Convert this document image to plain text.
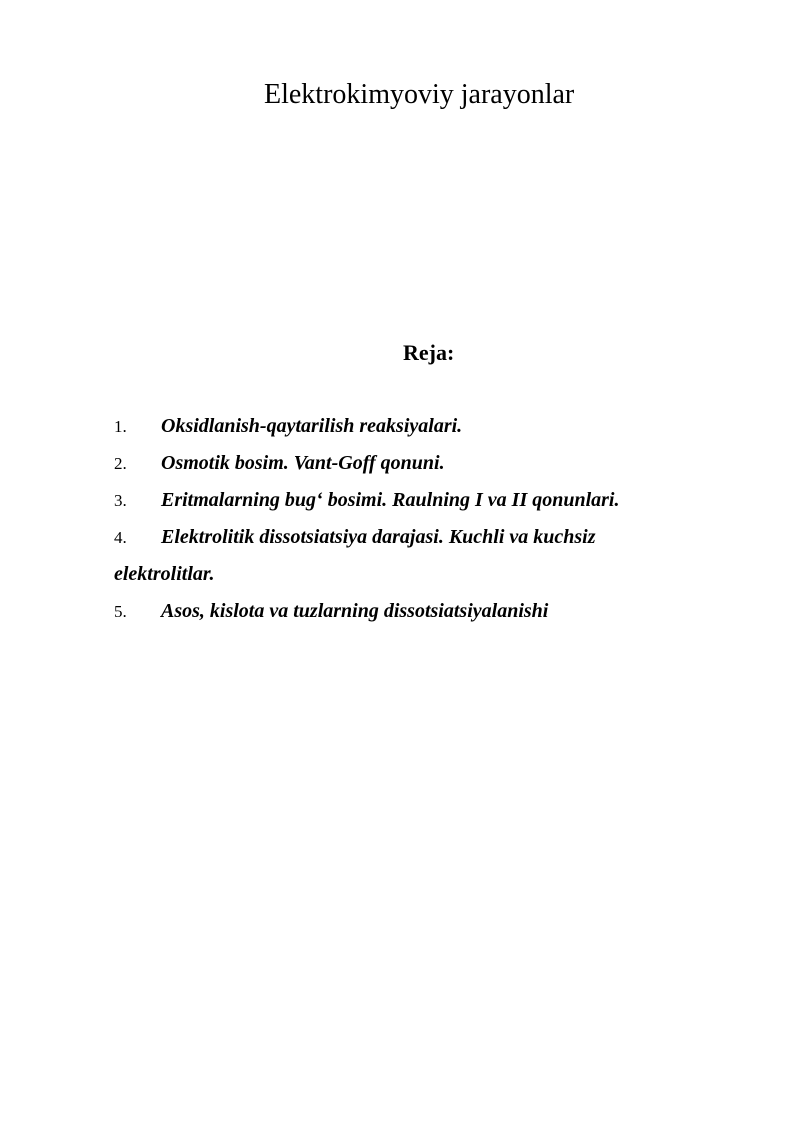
Elektrokimyoviy jarayonlar
Reja:
1. Oksidlanish-qaytarilish reaksiyalari.
2. Osmotik bosim. Vant-Goff qonuni.
3. Eritmalarning bug‘ bosimi. Raulning I va II qonunlari.
4. Elektrolitik dissotsiatsiya darajasi. Kuchli va kuchsiz elektrolitlar.
5. Asos, kislota va tuzlarning dissotsiatsiyalanishi
